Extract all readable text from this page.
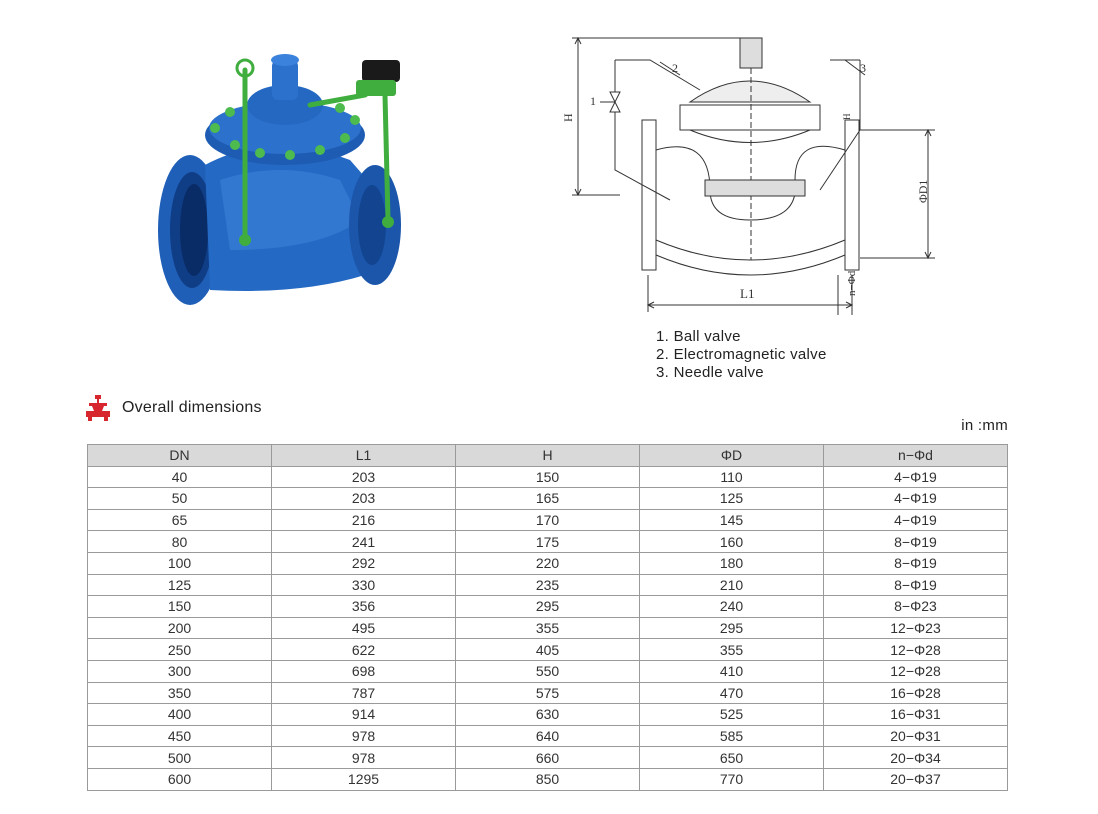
H
1
2	3
ΦD1
H
L1	n−Φd
1. Ball valve
2. Electromagnetic valve
3. Needle valve
Overall dimensions
in :mm
DN	L1	H	ΦD	n−Φd
40	203	150	110	4−Φ19
50	203	165	125	4−Φ19
65	216	170	145	4−Φ19
80	241	175	160	8−Φ19
100	292	220	180	8−Φ19
125	330	235	210	8−Φ19
150	356	295	240	8−Φ23
200	495	355	295	12−Φ23
250	622	405	355	12−Φ28
300	698	550	410	12−Φ28
350	787	575	470	16−Φ28
400	914	630	525	16−Φ31
450	978	640	585	20−Φ31
500	978	660	650	20−Φ34
600	1295	850	770	20−Φ37
